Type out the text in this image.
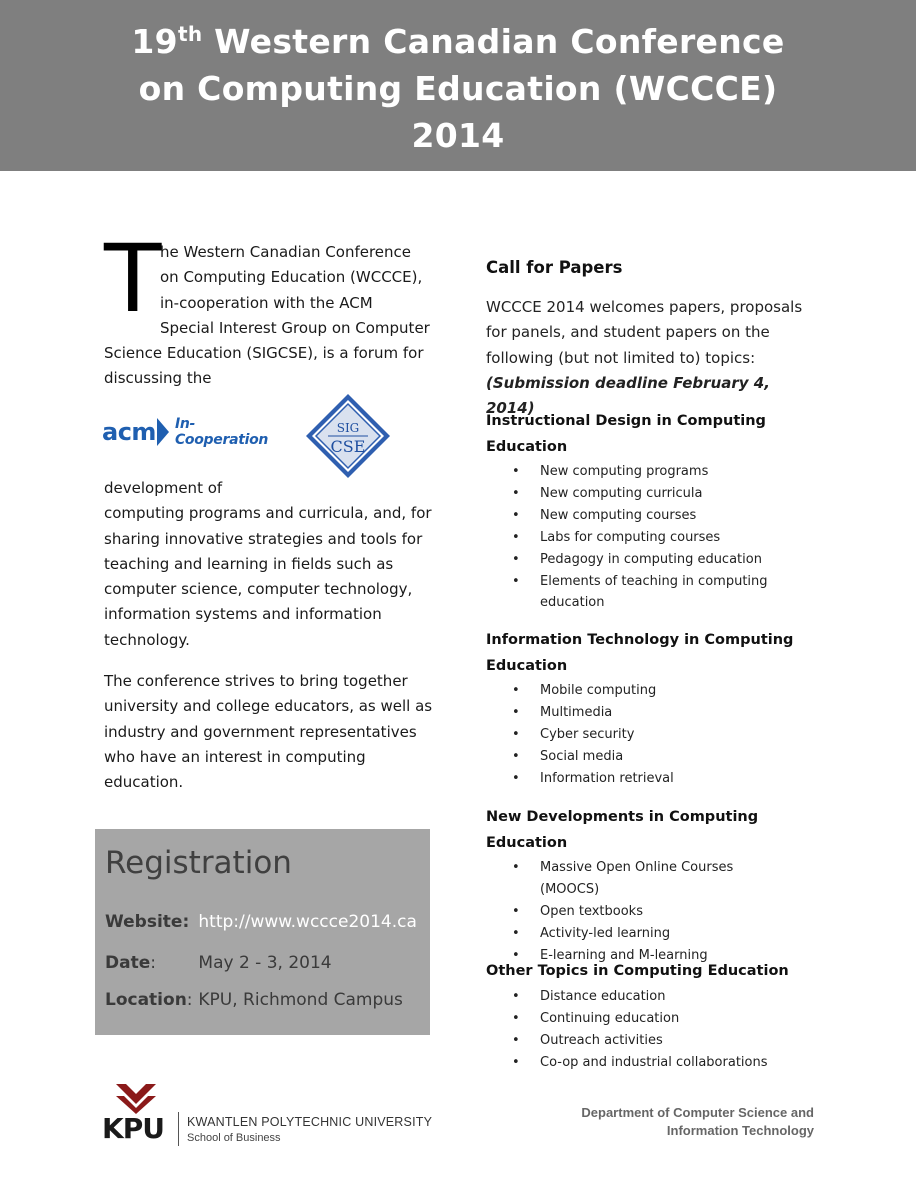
19th Western Canadian Conference
on Computing Education (WCCCE)
2014
T
he Western Canadian Conference
on Computing Education (WCCCE),
in-cooperation with the ACM
Special Interest Group on Computer
Science Education (SIGCSE), is a forum for
discussing the
acm In-Cooperation
SIG
CSE
development of
computing programs and curricula, and, for
sharing innovative strategies and tools for
teaching and learning in fields such as
computer science, computer technology,
information systems and information
technology.
The conference strives to bring together
university and college educators, as well as
industry and government representatives
who have an interest in computing
education.
Registration
Website: http://www.wccce2014.ca
Date: May 2 - 3, 2014
Location: KPU, Richmond Campus
Call for Papers
WCCCE 2014 welcomes papers, proposals
for panels, and student papers on the
following (but not limited to) topics:
(Submission deadline February 4, 2014)
Instructional Design in Computing
Education
• New computing programs
• New computing curricula
• New computing courses
• Labs for computing courses
• Pedagogy in computing education
• Elements of teaching in computing education
Information Technology in Computing
Education
• Mobile computing
• Multimedia
• Cyber security
• Social media
• Information retrieval
New Developments in Computing
Education
• Massive Open Online Courses (MOOCS)
• Open textbooks
• Activity-led learning
• E-learning and M-learning
Other Topics in Computing Education
• Distance education
• Continuing education
• Outreach activities
• Co-op and industrial collaborations
KPU KWANTLEN POLYTECHNIC UNIVERSITY
School of Business
Department of Computer Science and
Information Technology
